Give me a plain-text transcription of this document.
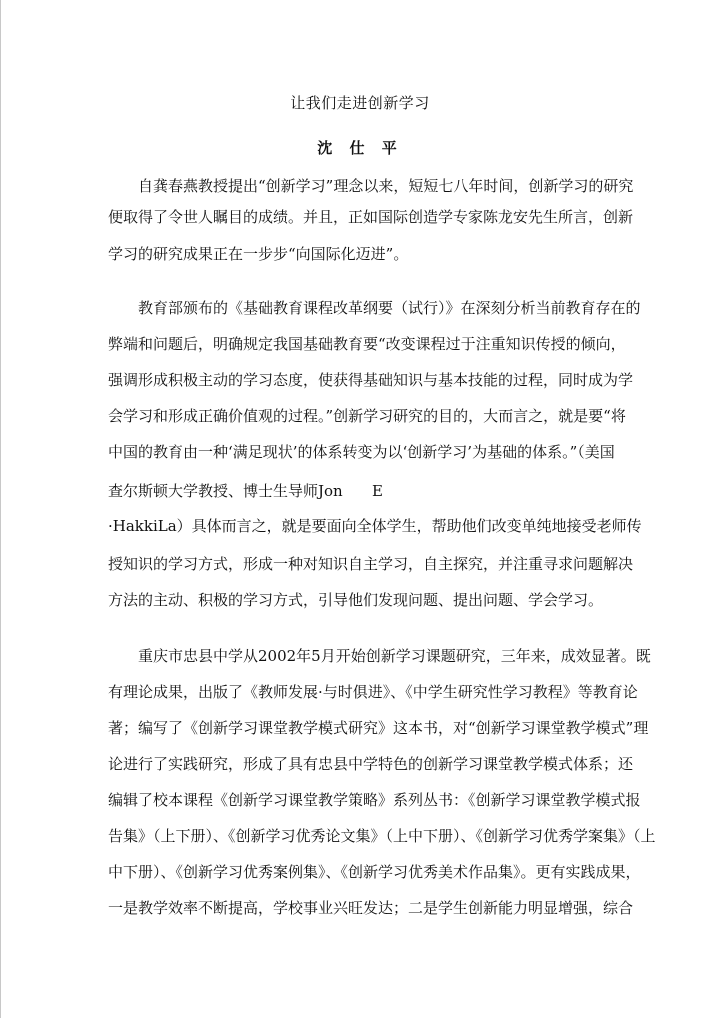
让我们走进创新学习
沈 仕 平
自龚春燕教授提出“创新学习”理念以来，短短七八年时间，创新学习的研究
便取得了令世人瞩目的成绩。并且，正如国际创造学专家陈龙安先生所言，创新
学习的研究成果正在一步步“向国际化迈进”。
教育部颁布的《基础教育课程改革纲要（试行）》在深刻分析当前教育存在的
弊端和问题后，明确规定我国基础教育要“改变课程过于注重知识传授的倾向，
强调形成积极主动的学习态度，使获得基础知识与基本技能的过程，同时成为学
会学习和形成正确价值观的过程。”创新学习研究的目的，大而言之，就是要“将
中国的教育由一种‘满足现状’的体系转变为以‘创新学习’为基础的体系。”（美国
查尔斯顿大学教授、博士生导师Jon E
·HakkiLa）具体而言之，就是要面向全体学生，帮助他们改变单纯地接受老师传
授知识的学习方式，形成一种对知识自主学习，自主探究，并注重寻求问题解决
方法的主动、积极的学习方式，引导他们发现问题、提出问题、学会学习。
重庆市忠县中学从2002年5月开始创新学习课题研究，三年来，成效显著。既
有理论成果，出版了《教师发展·与时俱进》、《中学生研究性学习教程》等教育论
著；编写了《创新学习课堂教学模式研究》这本书，对“创新学习课堂教学模式”理
论进行了实践研究，形成了具有忠县中学特色的创新学习课堂教学模式体系；还
编辑了校本课程《创新学习课堂教学策略》系列丛书：《创新学习课堂教学模式报
告集》（上下册）、《创新学习优秀论文集》（上中下册）、《创新学习优秀学案集》（上
中下册）、《创新学习优秀案例集》、《创新学习优秀美术作品集》。更有实践成果，
一是教学效率不断提高，学校事业兴旺发达；二是学生创新能力明显增强，综合
